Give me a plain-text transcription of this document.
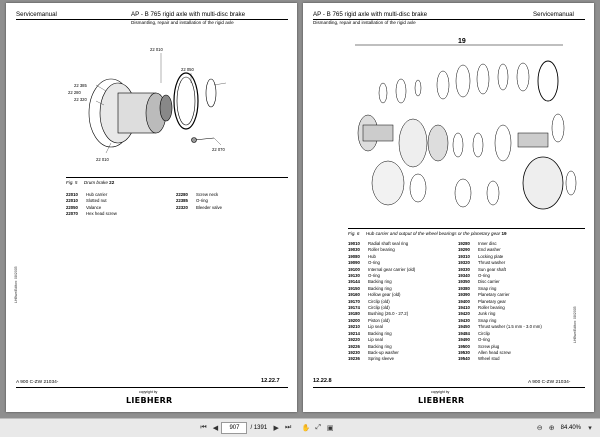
Servicemanual	AP - B 765 rigid axle with multi-disc brake
Dismantling, repair and installation of the rigid axle
22 010
22 050
22 385
22 320
22 280
22 070
22 010
Fig. 5 Drum brake 22
22010	Hub carrier
22010	Slotted nut
22050	Valance
22070	Hex head screw
22280	Screw neck
22385	O-ring
22320	Bleeder valve
LHBweiEditon: 08/2005
A 900 C-ZW 21034-	12.22.7
copyright by
LIEBHERR
AP - B 765 rigid axle with multi-disc brake	Servicemanual
Dismantling, repair and installation of the rigid axle
19
Fig. 6 Hub carrier and output of the wheel bearings or the planetary gear 19
19010	Radial shaft seal ring
19030	Roller bearing
19080	Hub
19090	O-ring
19100	Internal gear carrier (old)
19130	O-ring
19144	Backing ring
19150	Backing ring
19160	Hollow gear (old)
19170	Circlip (old)
19174	Circlip (old)
19180	Bushing (26.0 - 27.2)
19200	Piston (old)
19210	Lip seal
19214	Backing ring
19220	Lip seal
19226	Backing ring
19230	Back-up washer
19236	Spring sleeve
19280	Inner disc
19290	End washer
19310	Locking plate
19320	Thrust washer
19330	Sun gear shaft
19340	O-ring
19350	Disc carrier
19380	Snap ring
19390	Planetary carrier
19400	Planetary gear
19410	Roller bearing
19420	Junk ring
19430	Snap ring
19450	Thrust washer (1.5 mm - 3.0 mm)
19484	Circlip
19490	O-ring
19500	Screw plug
19530	Allen head screw
19540	Wheel stud
LHBweiEditon: 08/2005
12.22.8	A 900 C-ZW 21034-
copyright by
LIEBHERR
⏮ ◀	907	/ 1391 ▶ ⏭	✋ ⤢ ▣	⊖ ⊕	84.40%	▾
